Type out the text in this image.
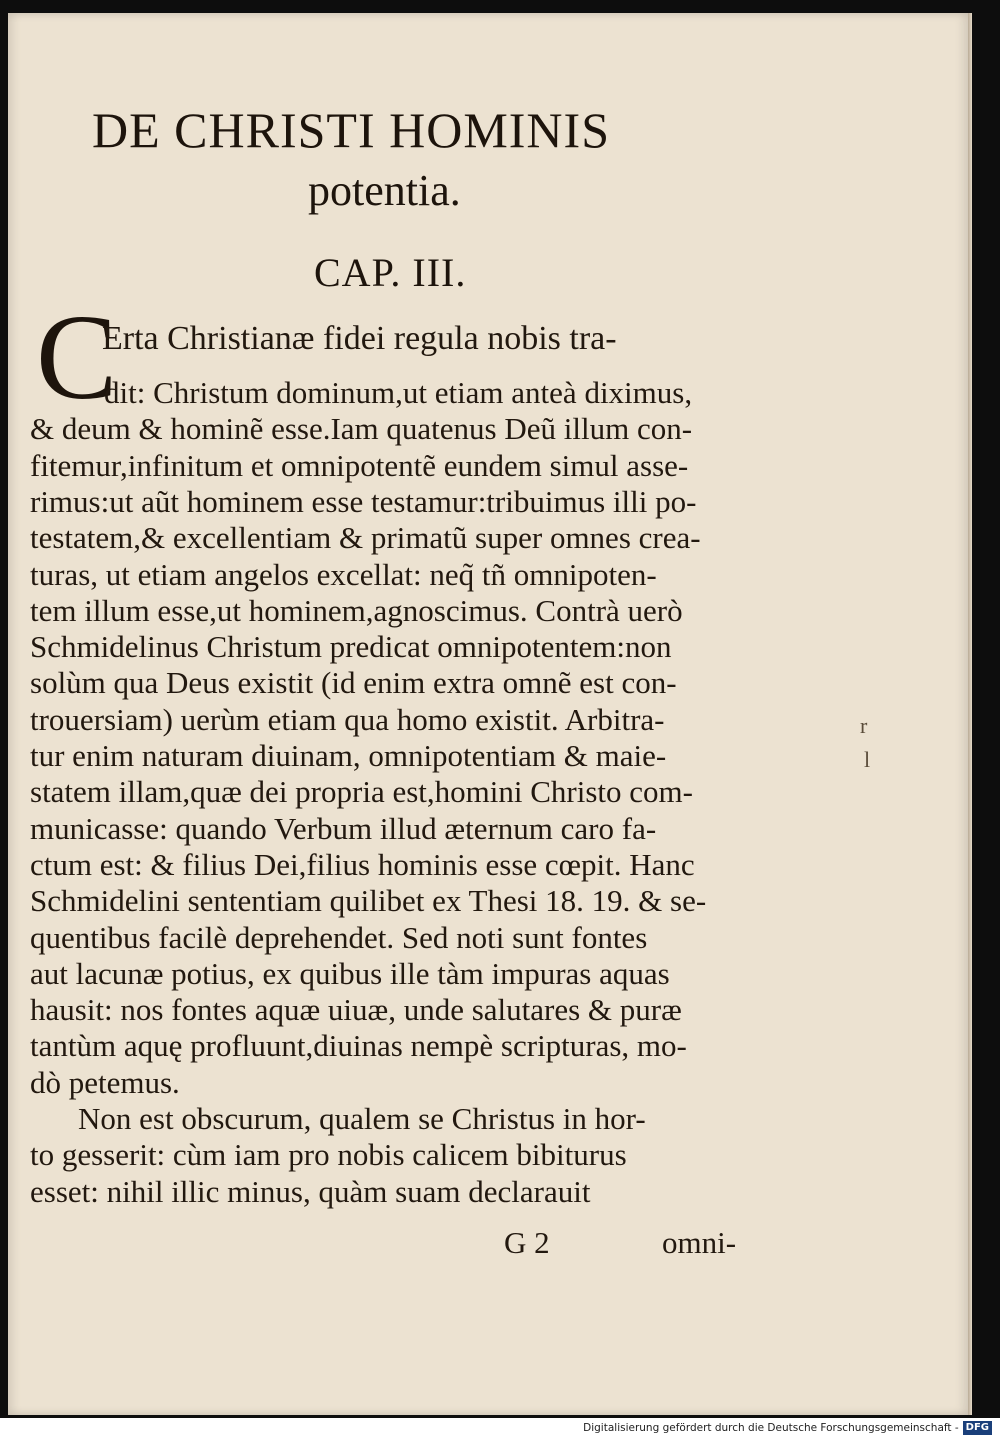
DE CHRISTI HOMINIS
potentia.
CAP. III.
C
Erta Christianæ fidei regula nobis tra-
dit: Christum dominum,ut etiam anteà diximus,
& deum & hominẽ esse.Iam quatenus Deũ illum con-
fitemur,infinitum et omnipotentẽ eundem simul asse-
rimus:ut aũt hominem esse testamur:tribuimus illi po-
testatem,& excellentiam & primatũ super omnes crea-
turas, ut etiam angelos excellat: neq̃ tñ omnipoten-
tem illum esse,ut hominem,agnoscimus. Contrà uerò
Schmidelinus Christum predicat omnipotentem:non
solùm qua Deus existit (id enim extra omnẽ est con-
trouersiam) uerùm etiam qua homo existit. Arbitra-
tur enim naturam diuinam, omnipotentiam & maie-
statem illam,quæ dei propria est,homini Christo com-
municasse: quando Verbum illud æternum caro fa-
ctum est: & filius Dei,filius hominis esse cœpit. Hanc
Schmidelini sententiam quilibet ex Thesi 18. 19. & se-
quentibus facilè deprehendet. Sed noti sunt fontes
aut lacunæ potius, ex quibus ille tàm impuras aquas
hausit: nos fontes aquæ uiuæ, unde salutares & puræ
tantùm aquę profluunt,diuinas nempè scripturas, mo-
dò petemus.
Non est obscurum, qualem se Christus in hor-
to gesserit: cùm iam pro nobis calicem bibiturus
esset: nihil illic minus, quàm suam declarauit
G 2	omni-
r
l
Digitalisierung gefördert durch die Deutsche Forschungsgemeinschaft - DFG
